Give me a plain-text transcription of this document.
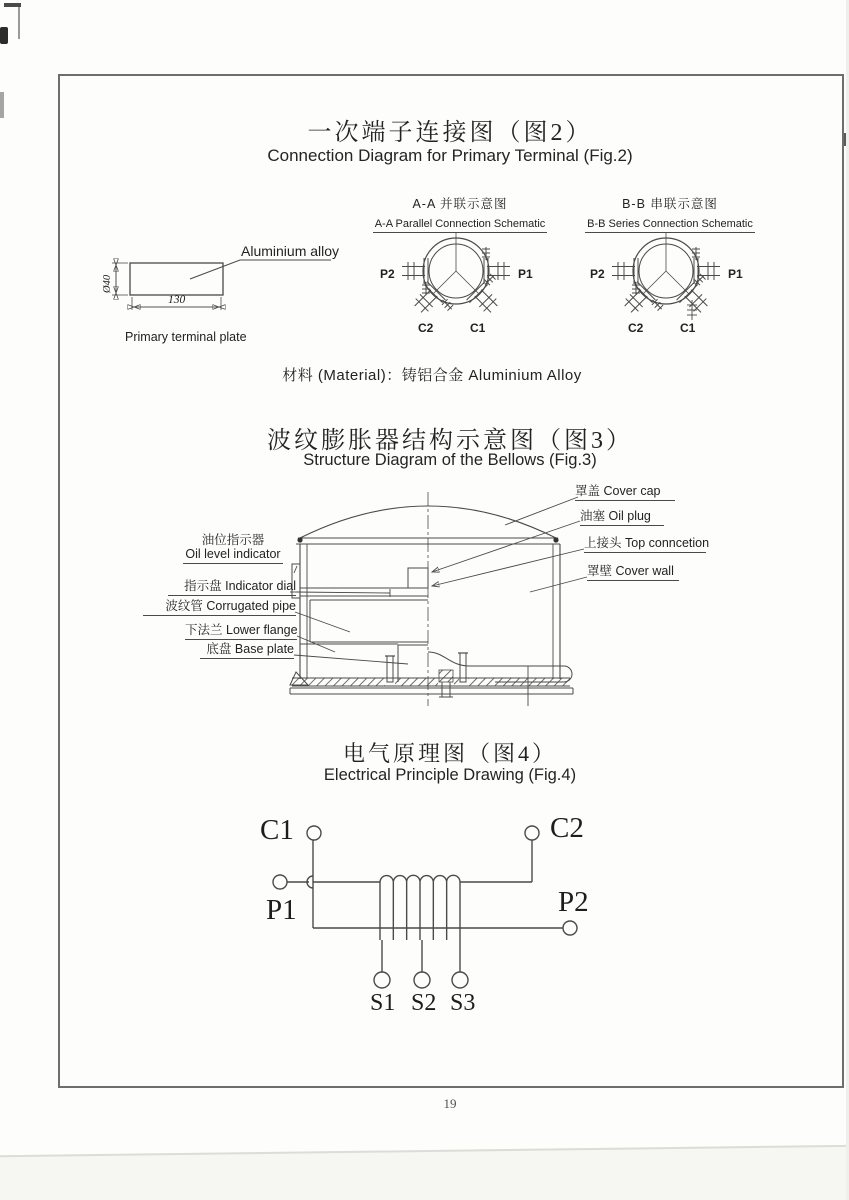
一次端子连接图（图2）
Connection Diagram for Primary Terminal (Fig.2)
A-A 并联示意图
A-A Parallel Connection Schematic
B-B 串联示意图
B-B Series Connection Schematic
Aluminium alloy
Ø40
130
Primary terminal plate
P2	P1
C2	C1
P2	P1
C2	C1
材料 (Material)：铸铝合金 Aluminium Alloy
波纹膨胀器结构示意图（图3）
Structure Diagram of the Bellows (Fig.3)
油位指示器
Oil level indicator
指示盘 Indicator dial
波纹管 Corrugated pipe
下法兰 Lower flange
底盘 Base plate
罩盖 Cover cap
油塞 Oil plug
上接头 Top conncetion
罩壁 Cover wall
电气原理图（图4）
Electrical Principle Drawing (Fig.4)
C1	C2
P1	P2
S1 S2 S3
19
